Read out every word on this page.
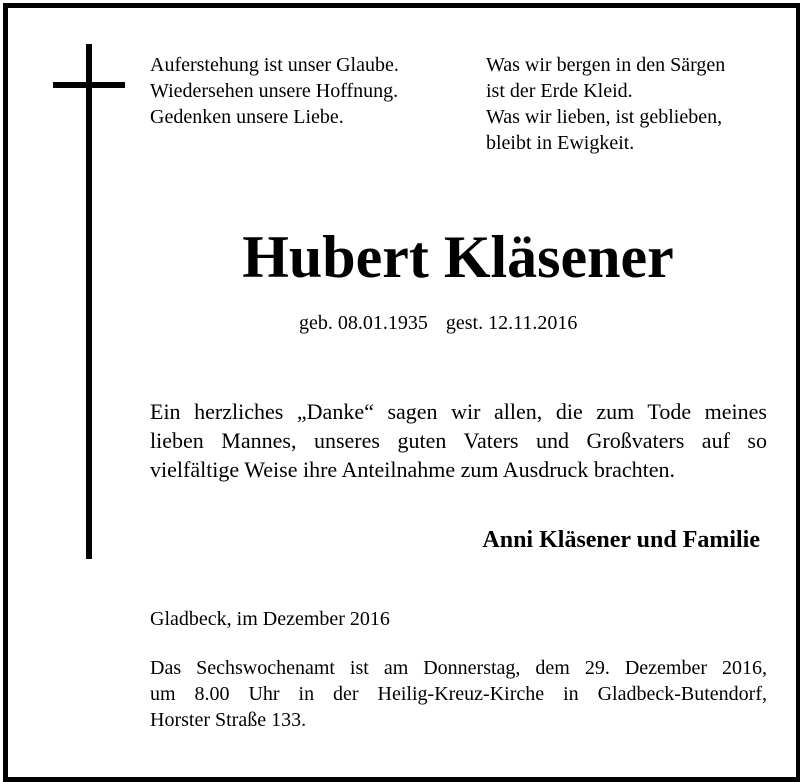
Auferstehung ist unser Glaube.
Wiedersehen unsere Hoffnung.
Gedenken unsere Liebe.
Was wir bergen in den Särgen
ist der Erde Kleid.
Was wir lieben, ist geblieben,
bleibt in Ewigkeit.
Hubert Kläsener
geb. 08.01.1935 gest. 12.11.2016
Ein herzliches „Danke“ sagen wir allen, die zum Tode meines
lieben Mannes, unseres guten Vaters und Großvaters auf so
vielfältige Weise ihre Anteilnahme zum Ausdruck brachten.
Anni Kläsener und Familie
Gladbeck, im Dezember 2016
Das Sechswochenamt ist am Donnerstag, dem 29. Dezember 2016,
um 8.00 Uhr in der Heilig-Kreuz-Kirche in Gladbeck-Butendorf,
Horster Straße 133.
